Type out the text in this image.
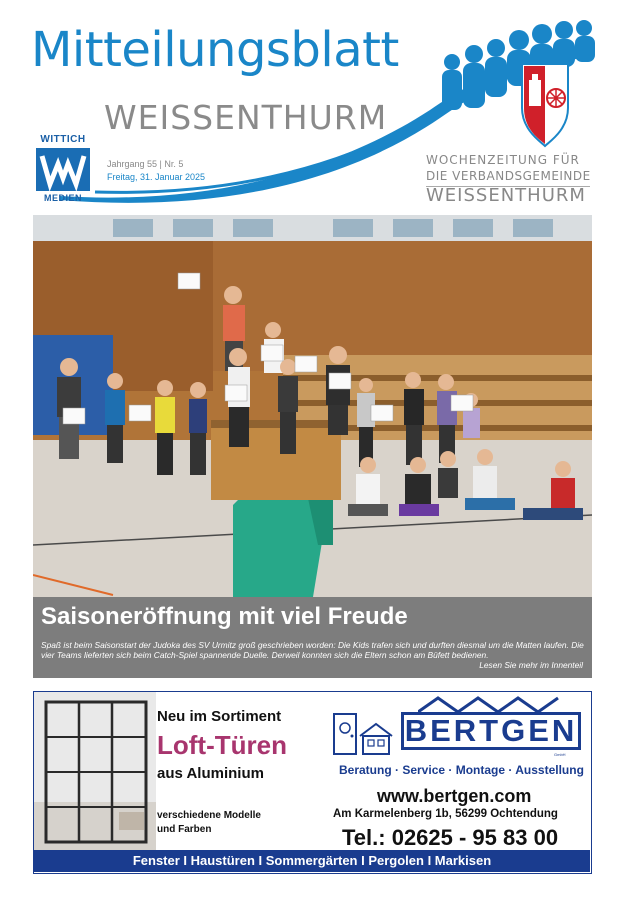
Mitteilungsblatt
WEISSENTHURM
WITTICH
MEDIEN
Jahrgang 55 | Nr. 5
Freitag, 31. Januar 2025
WOCHENZEITUNG FÜR
DIE VERBANDSGEMEINDE
WEISSENTHURM
Saisoneröffnung mit viel Freude
Spaß ist beim Saisonstart der Judoka des SV Urmitz groß geschrieben worden: Die Kids trafen sich und durften diesmal um die Matten laufen. Die vier Teams lieferten sich beim Catch-Spiel spannende Duelle. Derweil konnten sich die Eltern schon am Büfett bedienen.
Lesen Sie mehr im Innenteil
Neu im Sortiment
Loft-Türen
aus Aluminium
verschiedene Modelle
und Farben
BERTGEN
GmbH
Beratung · Service · Montage · Ausstellung
www.bertgen.com
Am Karmelenberg 1b, 56299 Ochtendung
Tel.: 02625 - 95 83 00
Fenster I Haustüren I Sommergärten I Pergolen I Markisen
